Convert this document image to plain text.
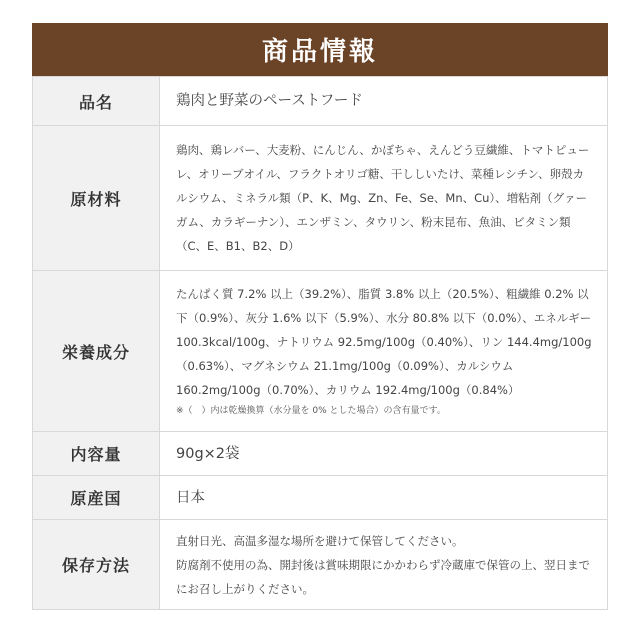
商品情報
品名	鶏肉と野菜のペーストフード
原材料	鶏肉、鶏レバー、大麦粉、にんじん、かぼちゃ、えんどう豆繊維、トマトピューレ、オリーブオイル、フラクトオリゴ糖、干ししいたけ、菜種レシチン、卵殻カルシウム、ミネラル類（P、K、Mg、Zn、Fe、Se、Mn、Cu）、増粘剤（グァーガム、カラギーナン）、エンザミン、タウリン、粉末昆布、魚油、ビタミン類（C、E、B1、B2、D）
栄養成分	たんぱく質 7.2% 以上（39.2%）、脂質 3.8% 以上（20.5%）、粗繊維 0.2% 以下（0.9%）、灰分 1.6% 以下（5.9%）、水分 80.8% 以下（0.0%）、エネルギー 100.3kcal/100g、ナトリウム 92.5mg/100g（0.40%）、リン 144.4mg/100g（0.63%）、マグネシウム 21.1mg/100g（0.09%）、カルシウム 160.2mg/100g（0.70%）、カリウム 192.4mg/100g（0.84%）
※（　）内は乾燥換算（水分量を 0% とした場合）の含有量です。

内容量	90g×2袋
原産国	日本
保存方法	直射日光、高温多湿な場所を避けて保管してください。
防腐剤不使用の為、開封後は賞味期限にかかわらず冷蔵庫で保管の上、翌日までにお召し上がりください。
